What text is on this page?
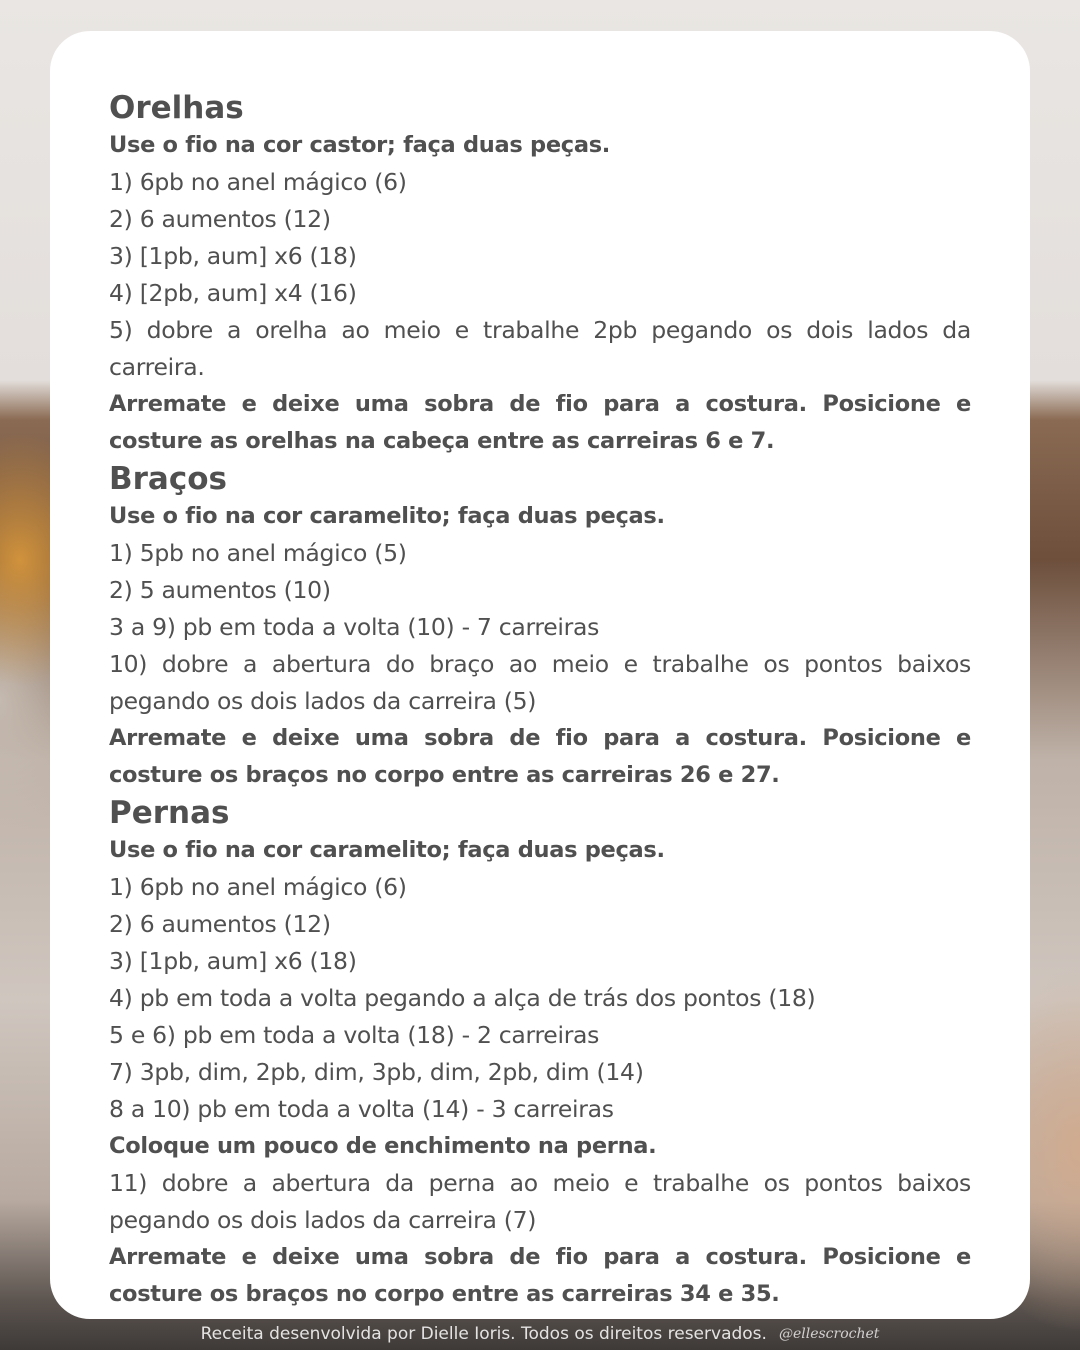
Orelhas

Use o fio na cor castor; faça duas peças.

1) 6pb no anel mágico (6)

2) 6 aumentos (12)

3) [1pb, aum] x6 (18)

4) [2pb, aum] x4 (16)

5) dobre a orelha ao meio e trabalhe 2pb pegando os dois lados da carreira.

Arremate e deixe uma sobra de fio para a costura. Posicione e costure as orelhas na cabeça entre as carreiras 6 e 7.

Braços

Use o fio na cor caramelito; faça duas peças.

1) 5pb no anel mágico (5)

2) 5 aumentos (10)

3 a 9) pb em toda a volta (10) - 7 carreiras

10) dobre a abertura do braço ao meio e trabalhe os pontos baixos pegando os dois lados da carreira (5)

Arremate e deixe uma sobra de fio para a costura. Posicione e costure os braços no corpo entre as carreiras 26 e 27.

Pernas

Use o fio na cor caramelito; faça duas peças.

1) 6pb no anel mágico (6)

2) 6 aumentos (12)

3) [1pb, aum] x6 (18)

4) pb em toda a volta pegando a alça de trás dos pontos (18)

5 e 6) pb em toda a volta (18) - 2 carreiras

7) 3pb, dim, 2pb, dim, 3pb, dim, 2pb, dim (14)

8 a 10) pb em toda a volta (14) - 3 carreiras

Coloque um pouco de enchimento na perna.

11) dobre a abertura da perna ao meio e trabalhe os pontos baixos pegando os dois lados da carreira (7)

Arremate e deixe uma sobra de fio para a costura. Posicione e costure os braços no corpo entre as carreiras 34 e 35.

Receita desenvolvida por Dielle Ioris. Todos os direitos reservados. @ellescrochet
